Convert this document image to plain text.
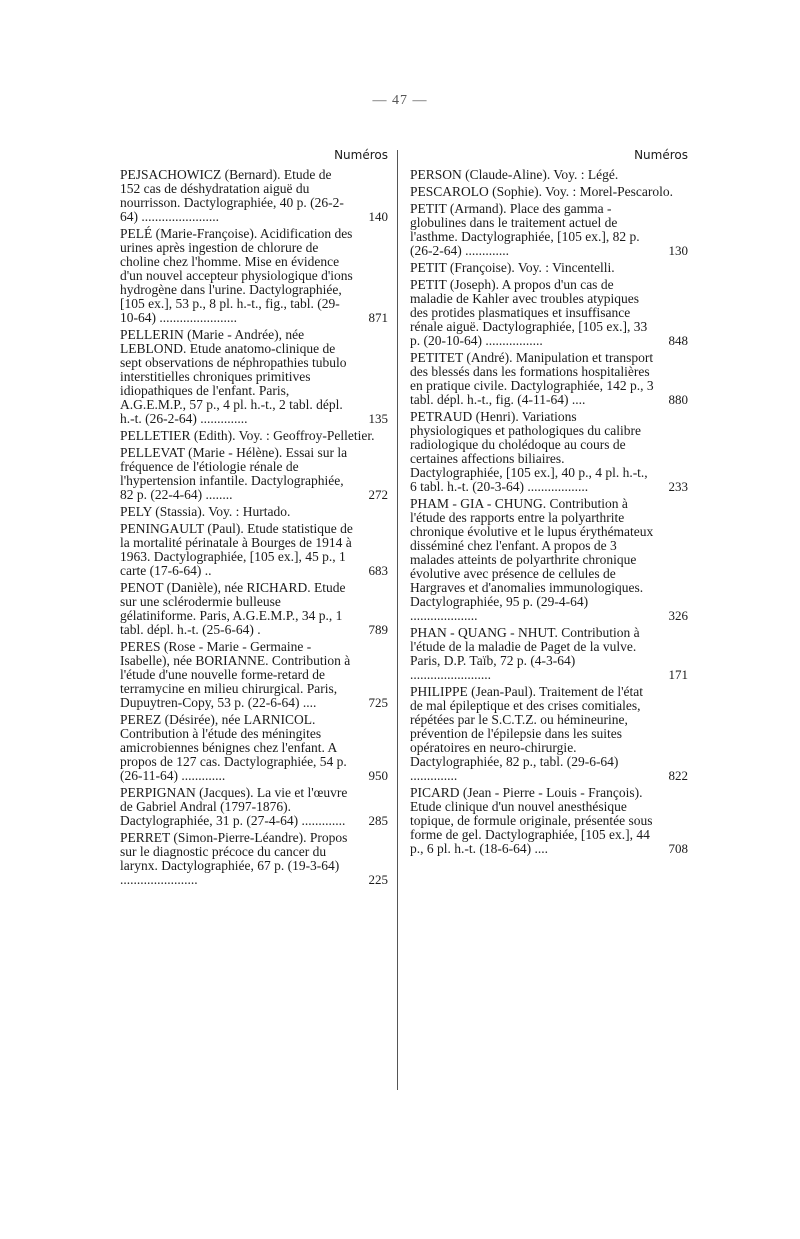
— 47 —
Numéros
PEJSACHOWICZ (Bernard). Etude de 152 cas de déshydratation aiguë du nourrisson. Dactylographiée, 40 p. (26-2-64) .......................	140
PELÉ (Marie-Françoise). Acidification des urines après ingestion de chlorure de choline chez l'homme. Mise en évidence d'un nouvel accepteur physiologique d'ions hydrogène dans l'urine. Dactylographiée, [105 ex.], 53 p., 8 pl. h.-t., fig., tabl. (29-10-64) .......................	871
PELLERIN (Marie - Andrée), née LEBLOND. Etude anatomo-clinique de sept observations de néphropathies tubulo interstitielles chroniques primitives idiopathiques de l'enfant. Paris, A.G.E.M.P., 57 p., 4 pl. h.-t., 2 tabl. dépl. h.-t. (26-2-64) ..............	135
PELLETIER (Edith). Voy. : Geoffroy-Pelletier.
PELLEVAT (Marie - Hélène). Essai sur la fréquence de l'étiologie rénale de l'hypertension infantile. Dactylographiée, 82 p. (22-4-64) ........	272
PELY (Stassia). Voy. : Hurtado.
PENINGAULT (Paul). Etude statistique de la mortalité périnatale à Bourges de 1914 à 1963. Dactylographiée, [105 ex.], 45 p., 1 carte (17-6-64) ..	683
PENOT (Danièle), née RICHARD. Etude sur une sclérodermie bulleuse gélatiniforme. Paris, A.G.E.M.P., 34 p., 1 tabl. dépl. h.-t. (25-6-64) .	789
PERES (Rose - Marie - Germaine - Isabelle), née BORIANNE. Contribution à l'étude d'une nouvelle forme-retard de terramycine en milieu chirurgical. Paris, Dupuytren-Copy, 53 p. (22-6-64) ....	725
PEREZ (Désirée), née LARNICOL. Contribution à l'étude des méningites amicrobiennes bénignes chez l'enfant. A propos de 127 cas. Dactylographiée, 54 p. (26-11-64) .............	950
PERPIGNAN (Jacques). La vie et l'œuvre de Gabriel Andral (1797-1876). Dactylographiée, 31 p. (27-4-64) ............. 285
PERRET (Simon-Pierre-Léandre). Propos sur le diagnostic précoce du cancer du larynx. Dactylographiée, 67 p. (19-3-64) .......................	225
Numéros
PERSON (Claude-Aline). Voy. : Légé.
PESCAROLO (Sophie). Voy. : Morel-Pescarolo.
PETIT (Armand). Place des gamma - globulines dans le traitement actuel de l'asthme. Dactylographiée, [105 ex.], 82 p. (26-2-64) .............	130
PETIT (Françoise). Voy. : Vincentelli.
PETIT (Joseph). A propos d'un cas de maladie de Kahler avec troubles atypiques des protides plasmatiques et insuffisance rénale aiguë. Dactylographiée, [105 ex.], 33 p. (20-10-64) .................	848
PETITET (André). Manipulation et transport des blessés dans les formations hospitalières en pratique civile. Dactylographiée, 142 p., 3 tabl. dépl. h.-t., fig. (4-11-64) ....	880
PETRAUD (Henri). Variations physiologiques et pathologiques du calibre radiologique du cholédoque au cours de certaines affections biliaires. Dactylographiée, [105 ex.], 40 p., 4 pl. h.-t., 6 tabl. h.-t. (20-3-64) ..................	233
PHAM - GIA - CHUNG. Contribution à l'étude des rapports entre la polyarthrite chronique évolutive et le lupus érythémateux disséminé chez l'enfant. A propos de 3 malades atteints de polyarthrite chronique évolutive avec présence de cellules de Hargraves et d'anomalies immunologiques. Dactylographiée, 95 p. (29-4-64) ....................	326
PHAN - QUANG - NHUT. Contribution à l'étude de la maladie de Paget de la vulve. Paris, D.P. Taïb, 72 p. (4-3-64) ........................	171
PHILIPPE (Jean-Paul). Traitement de l'état de mal épileptique et des crises comitiales, répétées par le S.C.T.Z. ou hémineurine, prévention de l'épilepsie dans les suites opératoires en neuro-chirurgie. Dactylographiée, 82 p., tabl. (29-6-64) ..............	822
PICARD (Jean - Pierre - Louis - François). Etude clinique d'un nouvel anesthésique topique, de formule originale, présentée sous forme de gel. Dactylographiée, [105 ex.], 44 p., 6 pl. h.-t. (18-6-64) ....	708
